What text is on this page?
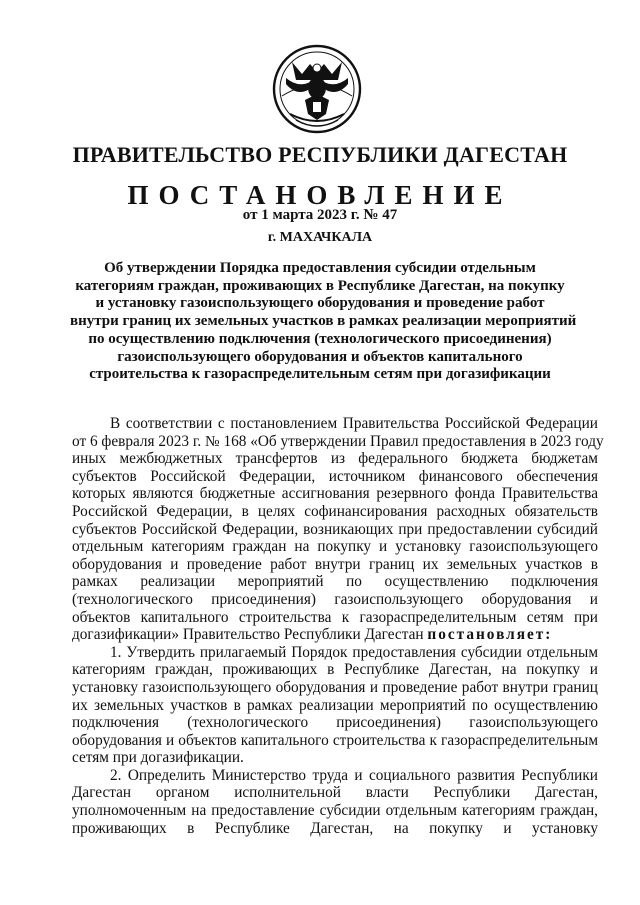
ПРАВИТЕЛЬСТВО РЕСПУБЛИКИ ДАГЕСТАН
ПОСТАНОВЛЕНИЕ
от 1 марта 2023 г. № 47
г. МАХАЧКАЛА
Об утверждении Порядка предоставления субсидии отдельным
категориям граждан, проживающих в Республике Дагестан, на покупку
и установку газоиспользующего оборудования и проведение работ
внутри границ их земельных участков в рамках реализации мероприятий
по осуществлению подключения (технологического присоединения)
газоиспользующего оборудования и объектов капитального
строительства к газораспределительным сетям при догазификации
В соответствии с постановлением Правительства Российской Федерации
от 6 февраля 2023 г. № 168 «Об утверждении Правил предоставления в 2023 году
иных межбюджетных трансфертов из федерального бюджета бюджетам
субъектов Российской Федерации, источником финансового обеспечения
которых являются бюджетные ассигнования резервного фонда Правительства
Российской Федерации, в целях софинансирования расходных обязательств
субъектов Российской Федерации, возникающих при предоставлении субсидий
отдельным категориям граждан на покупку и установку газоиспользующего
оборудования и проведение работ внутри границ их земельных участков в
рамках реализации мероприятий по осуществлению подключения
(технологического присоединения) газоиспользующего оборудования и
объектов капитального строительства к газораспределительным сетям при
догазификации» Правительство Республики Дагестан постановляет:
1. Утвердить прилагаемый Порядок предоставления субсидии отдельным
категориям граждан, проживающих в Республике Дагестан, на покупку и
установку газоиспользующего оборудования и проведение работ внутри границ
их земельных участков в рамках реализации мероприятий по осуществлению
подключения (технологического присоединения) газоиспользующего
оборудования и объектов капитального строительства к газораспределительным
сетям при догазификации.
2. Определить Министерство труда и социального развития Республики
Дагестан органом исполнительной власти Республики Дагестан,
уполномоченным на предоставление субсидии отдельным категориям граждан,
проживающих в Республике Дагестан, на покупку и установку
